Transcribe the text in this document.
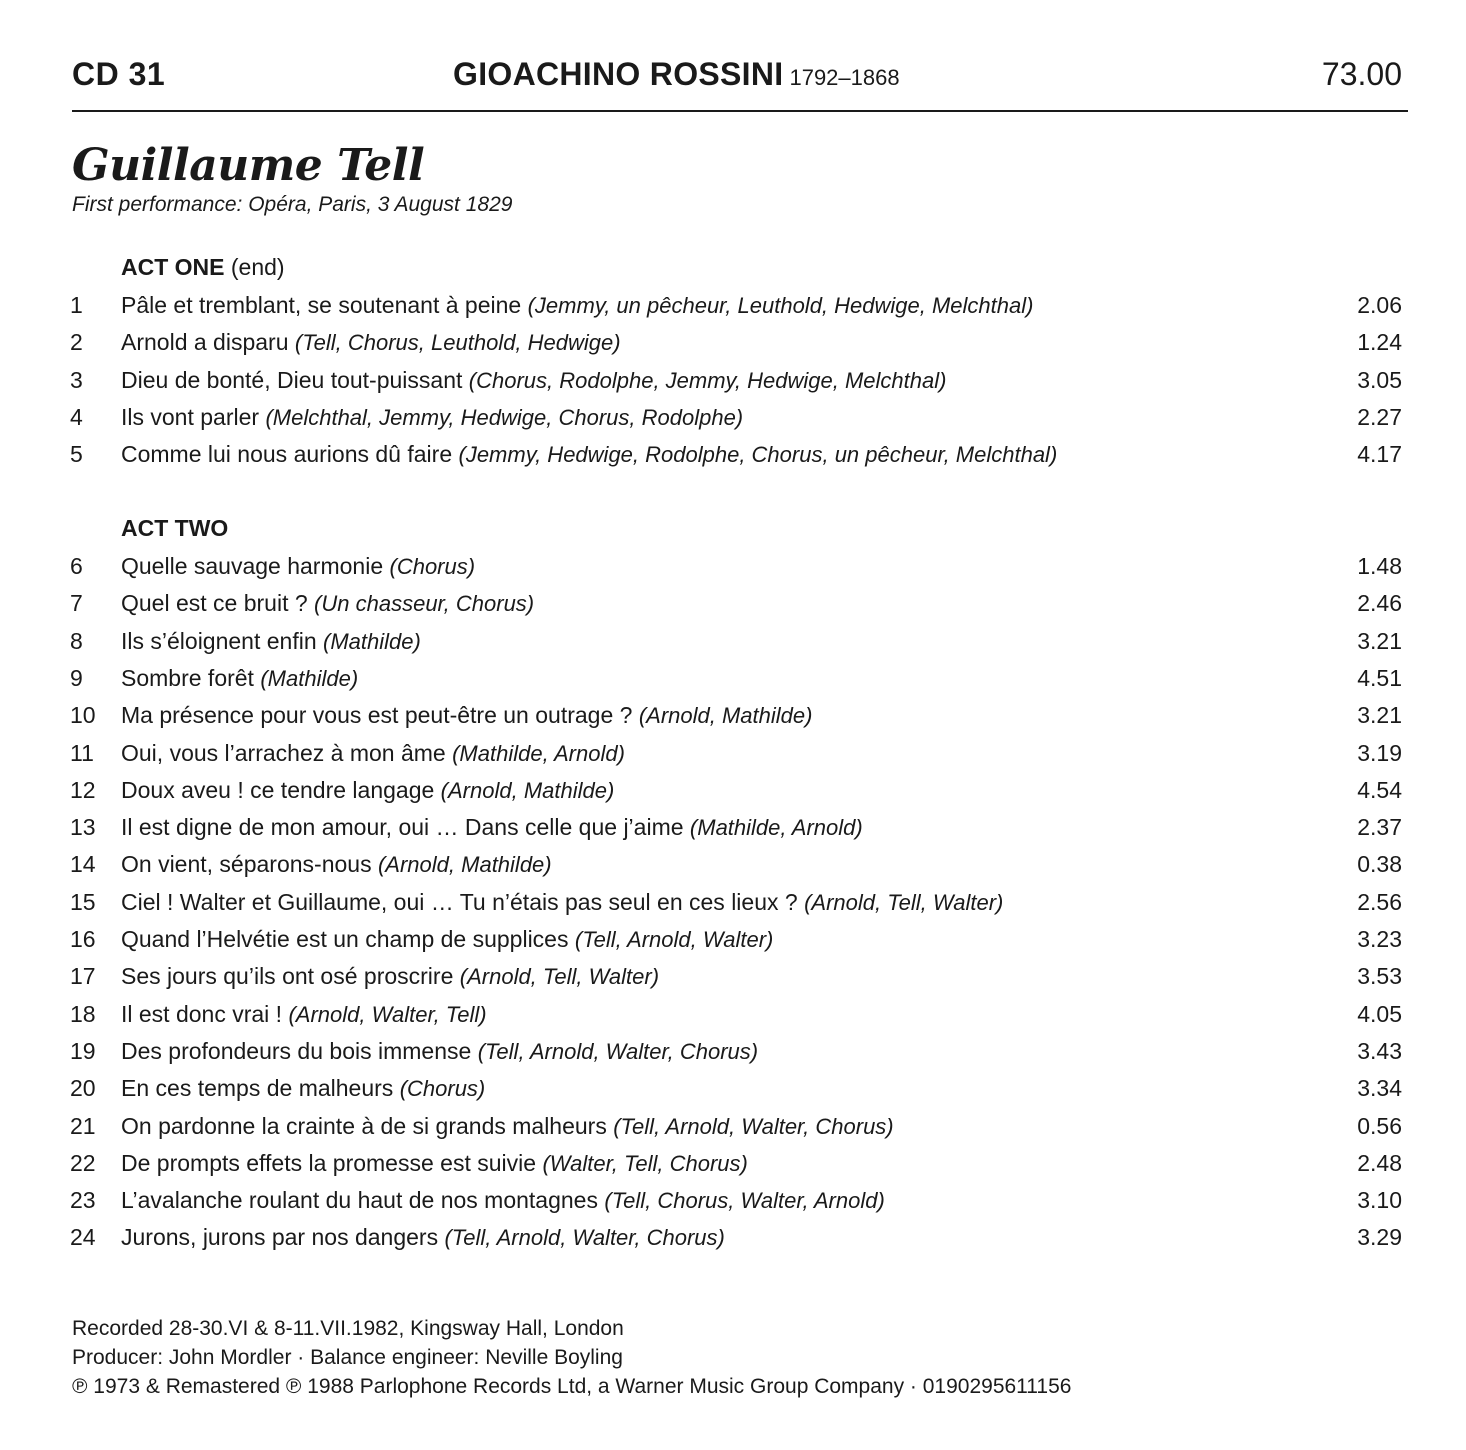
CD 31	GIOACHINO ROSSINI 1792–1868	73.00
Guillaume Tell
First performance: Opéra, Paris, 3 August 1829
ACT ONE (end)
1 Pâle et tremblant, se soutenant à peine (Jemmy, un pêcheur, Leuthold, Hedwige, Melchthal)	2.06
2 Arnold a disparu (Tell, Chorus, Leuthold, Hedwige)	1.24
3 Dieu de bonté, Dieu tout-puissant (Chorus, Rodolphe, Jemmy, Hedwige, Melchthal)	3.05
4 Ils vont parler (Melchthal, Jemmy, Hedwige, Chorus, Rodolphe)	2.27
5 Comme lui nous aurions dû faire (Jemmy, Hedwige, Rodolphe, Chorus, un pêcheur, Melchthal)	4.17
ACT TWO
6 Quelle sauvage harmonie (Chorus)	1.48
7 Quel est ce bruit ? (Un chasseur, Chorus)	2.46
8 Ils s’éloignent enfin (Mathilde)	3.21
9 Sombre forêt (Mathilde)	4.51
10 Ma présence pour vous est peut-être un outrage ? (Arnold, Mathilde)	3.21
11 Oui, vous l’arrachez à mon âme (Mathilde, Arnold)	3.19
12 Doux aveu ! ce tendre langage (Arnold, Mathilde)	4.54
13 Il est digne de mon amour, oui … Dans celle que j’aime (Mathilde, Arnold)	2.37
14 On vient, séparons-nous (Arnold, Mathilde)	0.38
15 Ciel ! Walter et Guillaume, oui … Tu n’étais pas seul en ces lieux ? (Arnold, Tell, Walter)	2.56
16 Quand l’Helvétie est un champ de supplices (Tell, Arnold, Walter)	3.23
17 Ses jours qu’ils ont osé proscrire (Arnold, Tell, Walter)	3.53
18 Il est donc vrai ! (Arnold, Walter, Tell)	4.05
19 Des profondeurs du bois immense (Tell, Arnold, Walter, Chorus)	3.43
20 En ces temps de malheurs (Chorus)	3.34
21 On pardonne la crainte à de si grands malheurs (Tell, Arnold, Walter, Chorus)	0.56
22 De prompts effets la promesse est suivie (Walter, Tell, Chorus)	2.48
23 L’avalanche roulant du haut de nos montagnes (Tell, Chorus, Walter, Arnold)	3.10
24 Jurons, jurons par nos dangers (Tell, Arnold, Walter, Chorus)	3.29
Recorded 28-30.VI & 8-11.VII.1982, Kingsway Hall, London
Producer: John Mordler · Balance engineer: Neville Boyling
℗ 1973 & Remastered ℗ 1988 Parlophone Records Ltd, a Warner Music Group Company · 0190295611156
